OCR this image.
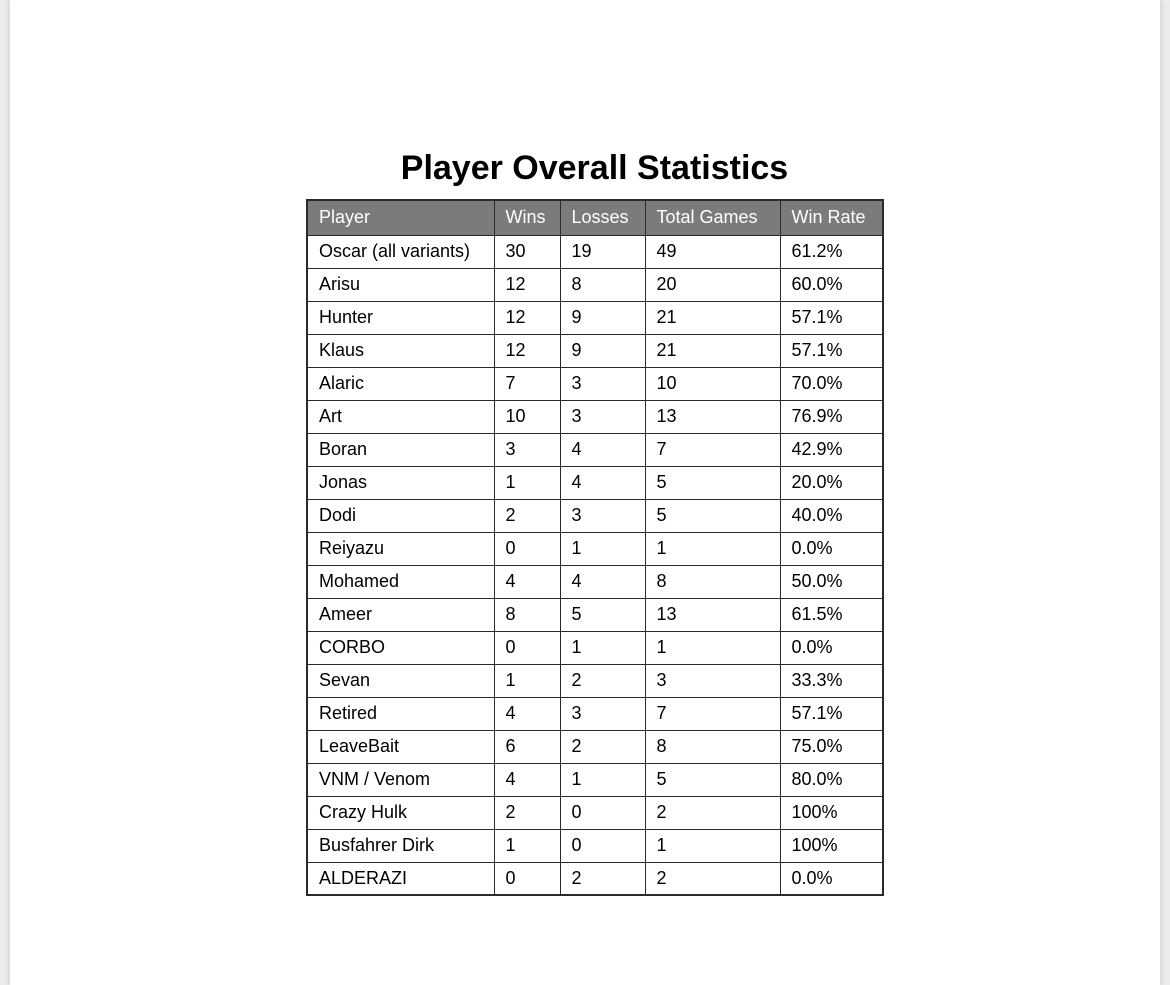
Player Overall Statistics
Player	Wins	Losses	Total Games	Win Rate
Oscar (all variants)	30	19	49	61.2%
Arisu	12	8	20	60.0%
Hunter	12	9	21	57.1%
Klaus	12	9	21	57.1%
Alaric	7	3	10	70.0%
Art	10	3	13	76.9%
Boran	3	4	7	42.9%
Jonas	1	4	5	20.0%
Dodi	2	3	5	40.0%
Reiyazu	0	1	1	0.0%
Mohamed	4	4	8	50.0%
Ameer	8	5	13	61.5%
CORBO	0	1	1	0.0%
Sevan	1	2	3	33.3%
Retired	4	3	7	57.1%
LeaveBait	6	2	8	75.0%
VNM / Venom	4	1	5	80.0%
Crazy Hulk	2	0	2	100%
Busfahrer Dirk	1	0	1	100%
ALDERAZI	0	2	2	0.0%
